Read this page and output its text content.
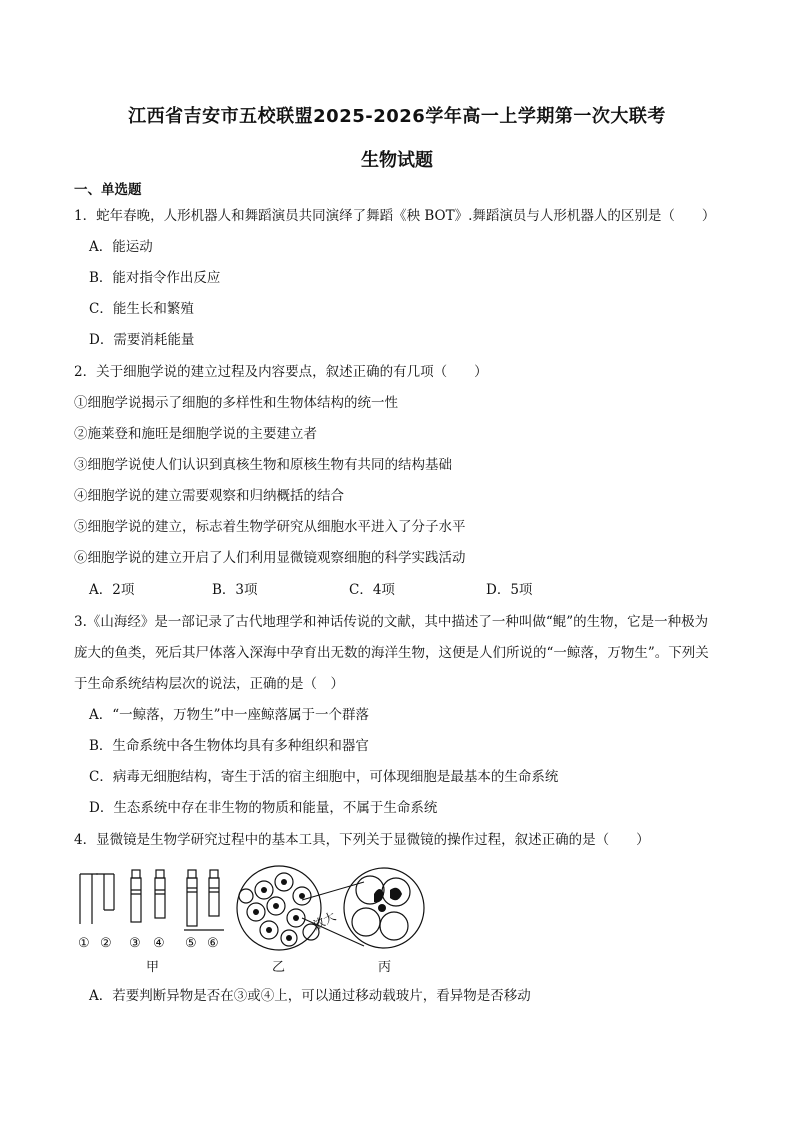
江西省吉安市五校联盟2025-2026学年高一上学期第一次大联考
生物试题
一、单选题
1．蛇年春晚，人形机器人和舞蹈演员共同演绎了舞蹈《秧 BOT》.舞蹈演员与人形机器人的区别是（　　）
A．能运动
B．能对指令作出反应
C．能生长和繁殖
D．需要消耗能量
2．关于细胞学说的建立过程及内容要点，叙述正确的有几项（　　）
①细胞学说揭示了细胞的多样性和生物体结构的统一性
②施莱登和施旺是细胞学说的主要建立者
③细胞学说使人们认识到真核生物和原核生物有共同的结构基础
④细胞学说的建立需要观察和归纳概括的结合
⑤细胞学说的建立，标志着生物学研究从细胞水平进入了分子水平
⑥细胞学说的建立开启了人们利用显微镜观察细胞的科学实践活动
A．2项	B．3项	C．4项	D．5项
3.《山海经》是一部记录了古代地理学和神话传说的文献，其中描述了一种叫做“鲲”的生物，它是一种极为
庞大的鱼类，死后其尸体落入深海中孕育出无数的海洋生物，这便是人们所说的“一鲸落，万物生”。下列关
于生命系统结构层次的说法，正确的是（　）
A．“一鲸落，万物生”中一座鲸落属于一个群落
B．生命系统中各生物体均具有多种组织和器官
C．病毒无细胞结构，寄生于活的宿主细胞中，可体现细胞是最基本的生命系统
D．生态系统中存在非生物的物质和能量，不属于生命系统
4．显微镜是生物学研究过程中的基本工具，下列关于显微镜的操作过程，叙述正确的是（　　）
① ② ③ ④ ⑤ ⑥
甲	乙	丙
放大
A．若要判断异物是否在③或④上，可以通过移动载玻片，看异物是否移动
